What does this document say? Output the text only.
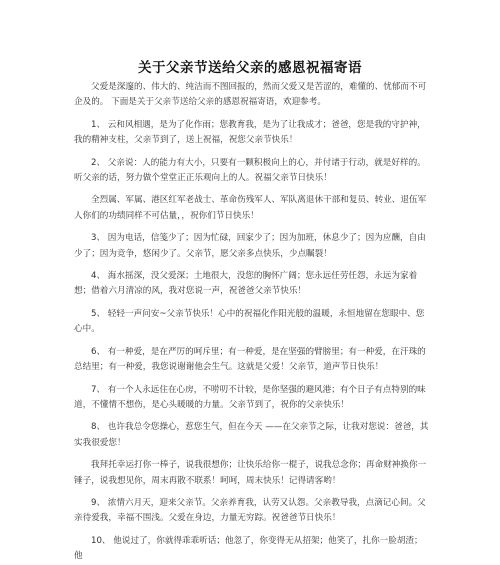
关于父亲节送给父亲的感恩祝福寄语

父爱是深邃的、伟大的、纯洁而不图回报的，然而父爱又是苦涩的，难懂的、忧郁而不可企及的。 下面是关于父亲节送给父亲的感恩祝福寄语，欢迎参考。

1、 云和风相遇，是为了化作雨；您教育我，是为了让我成才；爸爸，您是我的守护神，我的精神支柱，父亲节到了，送上祝福，祝您父亲节快乐！

2、 父亲说：人的能力有大小，只要有一颗积极向上的心，并付诸于行动，就是好样的。听父亲的话，努力做个堂堂正正乐观向上的人。祝福父亲节日快乐！

全烈属、军属、港区红军老战士、革命伤残军人、军队离退休干部和复员、转业、退伍军人你们的功绩同样不可估量，，祝你们节日快乐！

3、 因为电话，信笺少了；因为忙碌，回家少了；因为加班，休息少了；因为应酬，自由少了；因为竞争，悠闲少了。父亲节，愿父亲多点快乐，少点瞩裂！

4、 海水摇深，没父爱深；土地很大，没您的胸怀广阔；您永远任劳任怨，永远为家着想；借着六月清凉的风，我对您说一声，祝爸爸父亲节快乐！

5、 轻轻一声问安~父亲节快乐！心中的祝福化作阳光般的温暖，永恒地留在您眼中、您心中。

6、 有一种爱，是在严厉的呵斥里；有一种爱，是在坚强的臂膀里；有一种爱，在汗珠的总结里；有一种爱，我您说谢谢他会生气。这就是父爱！父亲节，道声节日快乐！

7、 有一个人永远住在心房，不唠叨不计较，是你坚强的避风港；有个日子有点特别的味道，不懂情不想伤，是心头暖暖的力量。父亲节到了，祝你的父亲快乐！

8、 也许我总令您操心，惹您生气，但在今天 ——在父亲节之际，让我对您说：爸爸，其实我很爱您！

我拜托幸运打你一棒子，说我很想你；让快乐给你一棍子，说我总念你；再命财神换你一锤子，说我想见你，周末再散不联系！呵呵，周末快乐！记得请客哟！

9、 浓情六月天，迎来父亲节。父亲养育我，认劳又认怨。父亲教导我，点滴记心间。父亲待爱我，幸福不围浅。父爱在身边，力量无穷踪。祝爸爸节日快乐！

10、 他说过了，你就得乖乖听话；他忽了，你变得无从招架；他笑了，扎你一脸胡渣；他
